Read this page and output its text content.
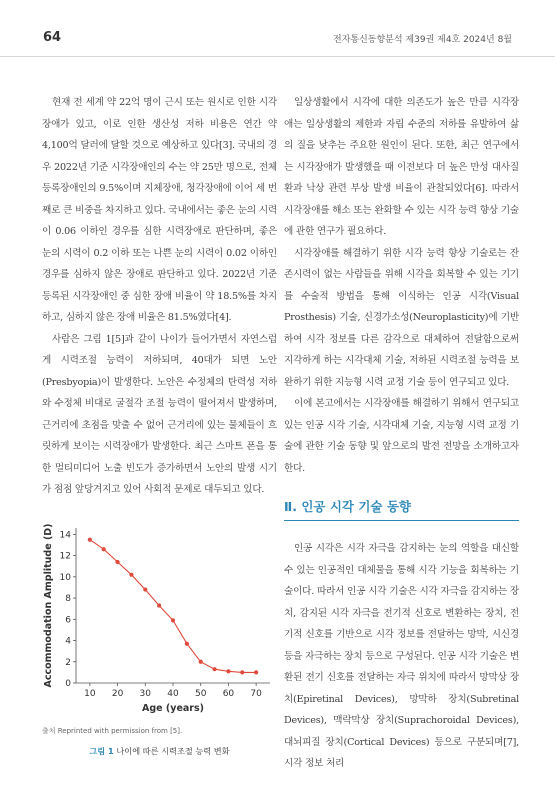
64	전자통신동향분석 제39권 제4호 2024년 8월

현재 전 세계 약 22억 명이 근시 또는 원시로 인한 시각장애가 있고, 이로 인한 생산성 저하 비용은 연간 약 4,100억 달러에 달할 것으로 예상하고 있다[3]. 국내의 경우 2022년 기준 시각장애인의 수는 약 25만 명으로, 전체 등록장애인의 9.5%이며 지체장애, 청각장애에 이어 세 번째로 큰 비중을 차지하고 있다. 국내에서는 좋은 눈의 시력이 0.06 이하인 경우를 심한 시력장애로 판단하며, 좋은 눈의 시력이 0.2 이하 또는 나쁜 눈의 시력이 0.02 이하인 경우를 심하지 않은 장애로 판단하고 있다. 2022년 기준 등록된 시각장애인 중 심한 장애 비율이 약 18.5%를 차지하고, 심하지 않은 장애 비율은 81.5%였다[4].

사람은 그림 1[5]과 같이 나이가 들어가면서 자연스럽게 시력조절 능력이 저하되며, 40대가 되면 노안(Presbyopia)이 발생한다. 노안은 수정체의 탄력성 저하와 수정체 비대로 굴절각 조절 능력이 떨어져서 발생하며, 근거리에 초점을 맞출 수 없어 근거리에 있는 물체들이 흐릿하게 보이는 시력장애가 발생한다. 최근 스마트 폰을 통한 멀티미디어 노출 빈도가 증가하면서 노안의 발생 시기가 점점 앞당겨지고 있어 사회적 문제로 대두되고 있다.

10 20 30 40 50 60 70
0
2
4
6
8
10
12
14
Age (years)
Accommodation Amplitude (D)
출처 Reprinted with permission from [5].
그림 1 나이에 따른 시력조절 능력 변화

일상생활에서 시각에 대한 의존도가 높은 만큼 시각장애는 일상생활의 제한과 자립 수준의 저하를 유발하여 삶의 질을 낮추는 주요한 원인이 된다. 또한, 최근 연구에서는 시각장애가 발생했을 때 이전보다 더 높은 만성 대사질환과 낙상 관련 부상 발생 비율이 관찰되었다[6]. 따라서 시각장애를 해소 또는 완화할 수 있는 시각 능력 향상 기술에 관한 연구가 필요하다.

시각장애를 해결하기 위한 시각 능력 향상 기술로는 잔존시력이 없는 사람들을 위해 시각을 회복할 수 있는 기기를 수술적 방법을 통해 이식하는 인공 시각(Visual Prosthesis) 기술, 신경가소성(Neuroplasticity)에 기반하여 시각 정보를 다른 감각으로 대체하여 전달함으로써 지각하게 하는 시각대체 기술, 저하된 시력조절 능력을 보완하기 위한 지능형 시력 교정 기술 등이 연구되고 있다.

이에 본고에서는 시각장애를 해결하기 위해서 연구되고 있는 인공 시각 기술, 시각대체 기술, 지능형 시력 교정 기술에 관한 기술 동향 및 앞으로의 발전 전망을 소개하고자 한다.

Ⅱ. 인공 시각 기술 동향

인공 시각은 시각 자극을 감지하는 눈의 역할을 대신할 수 있는 인공적인 대체물을 통해 시각 기능을 회복하는 기술이다. 따라서 인공 시각 기술은 시각 자극을 감지하는 장치, 감지된 시각 자극을 전기적 신호로 변환하는 장치, 전기적 신호를 기반으로 시각 정보를 전달하는 망막, 시신경 등을 자극하는 장치 등으로 구성된다. 인공 시각 기술은 변환된 전기 신호를 전달하는 자극 위치에 따라서 망막상 장치(Epiretinal Devices), 망막하 장치(Subretinal Devices), 맥락막상 장치(Suprachoroidal Devices), 대뇌피질 장치(Cortical Devices) 등으로 구분되며[7], 시각 정보 처리
